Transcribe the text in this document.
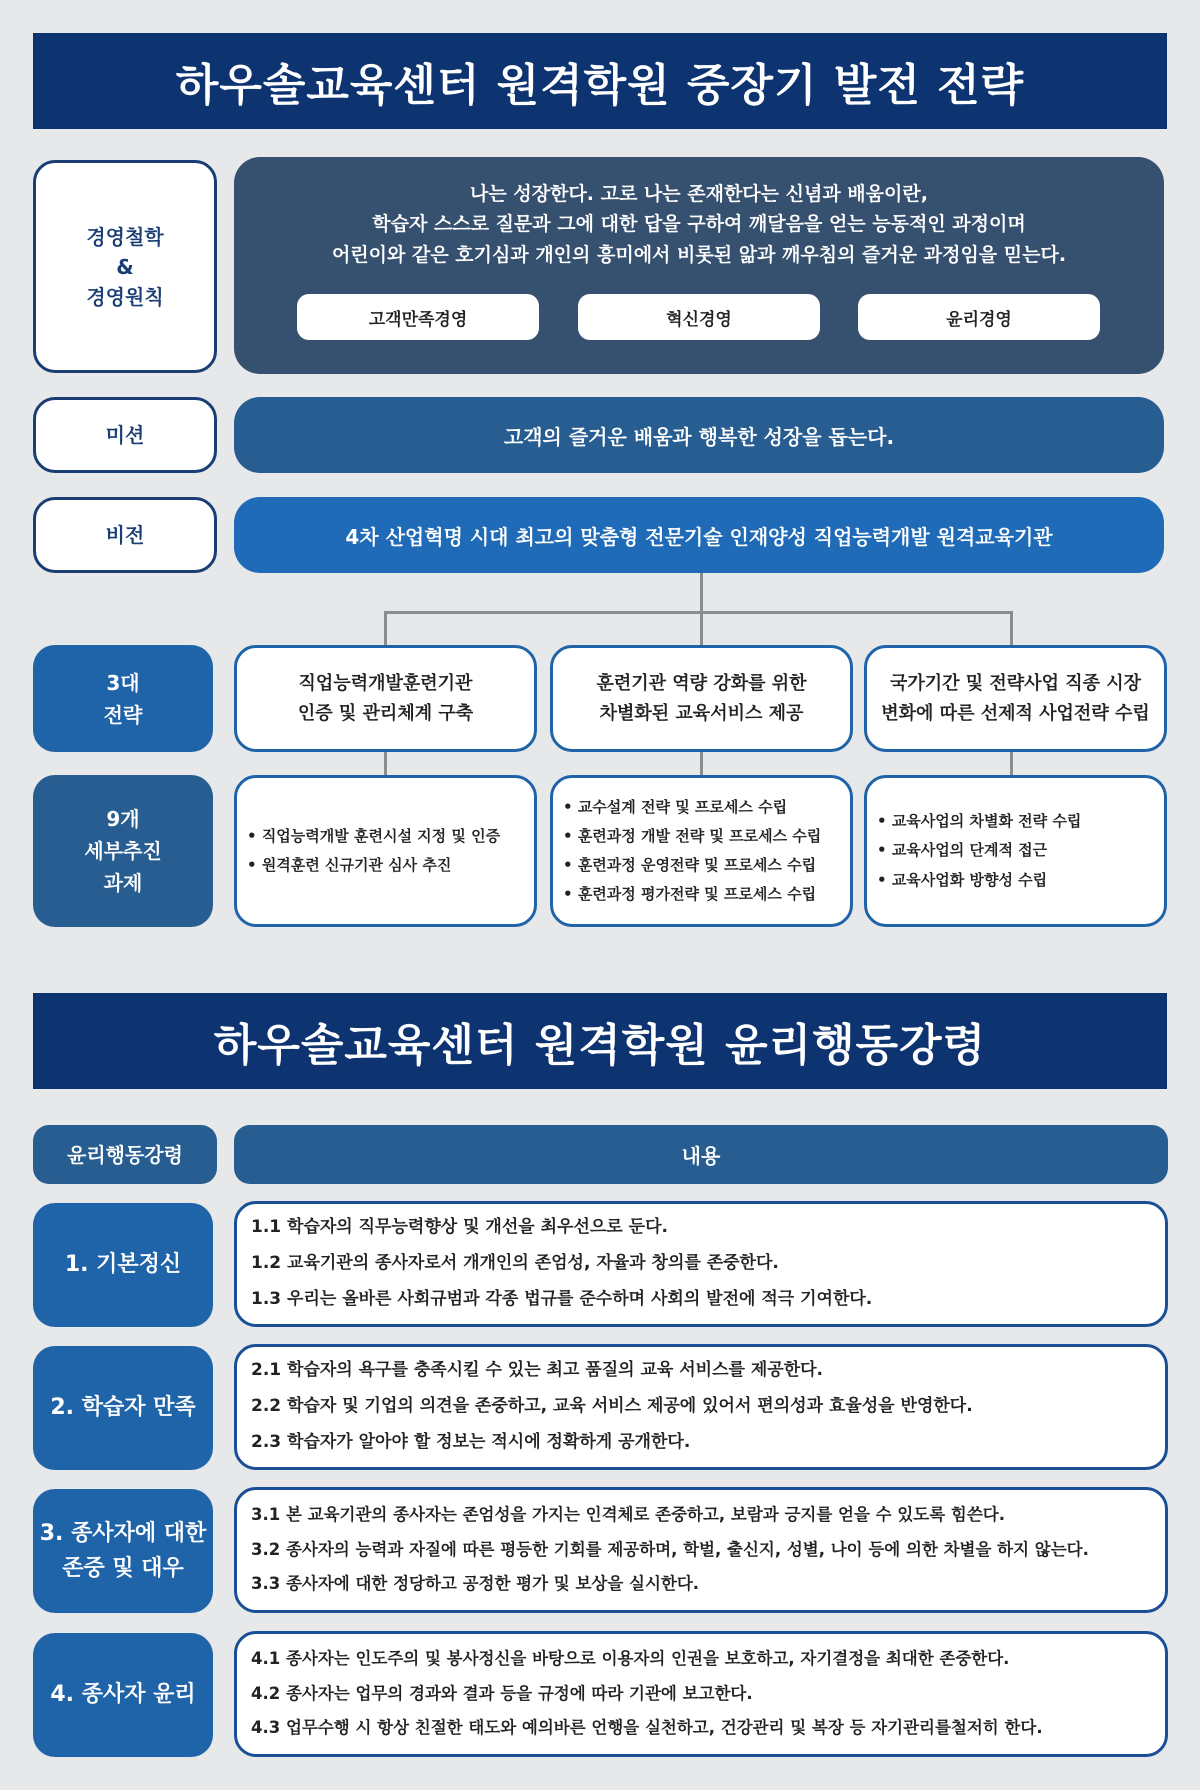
하우솔교육센터 원격학원 중장기 발전 전략
경영철학
&
경영원칙
나는 성장한다. 고로 나는 존재한다는 신념과 배움이란,
학습자 스스로 질문과 그에 대한 답을 구하여 깨달음을 얻는 능동적인 과정이며
어린이와 같은 호기심과 개인의 흥미에서 비롯된 앎과 깨우침의 즐거운 과정임을 믿는다.
고객만족경영	혁신경영	윤리경영
미션	고객의 즐거운 배움과 행복한 성장을 돕는다.
비전	4차 산업혁명 시대 최고의 맞춤형 전문기술 인재양성 직업능력개발 원격교육기관
3대
전략
직업능력개발훈련기관
인증 및 관리체계 구축
훈련기관 역량 강화를 위한
차별화된 교육서비스 제공
국가기간 및 전략사업 직종 시장
변화에 따른 선제적 사업전략 수립
9개
세부추진
과제
• 직업능력개발 훈련시설 지정 및 인증
• 원격훈련 신규기관 심사 추진
• 교수설계 전략 및 프로세스 수립
• 훈련과정 개발 전략 및 프로세스 수립
• 훈련과정 운영전략 및 프로세스 수립
• 훈련과정 평가전략 및 프로세스 수립
• 교육사업의 차별화 전략 수립
• 교육사업의 단계적 접근
• 교육사업화 방향성 수립
하우솔교육센터 원격학원 윤리행동강령
윤리행동강령	내용
1. 기본정신
1.1 학습자의 직무능력향상 및 개선을 최우선으로 둔다.
1.2 교육기관의 종사자로서 개개인의 존엄성, 자율과 창의를 존중한다.
1.3 우리는 올바른 사회규범과 각종 법규를 준수하며 사회의 발전에 적극 기여한다.
2. 학습자 만족
2.1 학습자의 욕구를 충족시킬 수 있는 최고 품질의 교육 서비스를 제공한다.
2.2 학습자 및 기업의 의견을 존중하고, 교육 서비스 제공에 있어서 편의성과 효율성을 반영한다.
2.3 학습자가 알아야 할 정보는 적시에 정확하게 공개한다.
3. 종사자에 대한
존중 및 대우
3.1 본 교육기관의 종사자는 존엄성을 가지는 인격체로 존중하고, 보람과 긍지를 얻을 수 있도록 힘쓴다.
3.2 종사자의 능력과 자질에 따른 평등한 기회를 제공하며, 학벌, 출신지, 성별, 나이 등에 의한 차별을 하지 않는다.
3.3 종사자에 대한 정당하고 공정한 평가 및 보상을 실시한다.
4. 종사자 윤리
4.1 종사자는 인도주의 및 봉사정신을 바탕으로 이용자의 인권을 보호하고, 자기결정을 최대한 존중한다.
4.2 종사자는 업무의 경과와 결과 등을 규정에 따라 기관에 보고한다.
4.3 업무수행 시 항상 친절한 태도와 예의바른 언행을 실천하고, 건강관리 및 복장 등 자기관리를철저히 한다.
